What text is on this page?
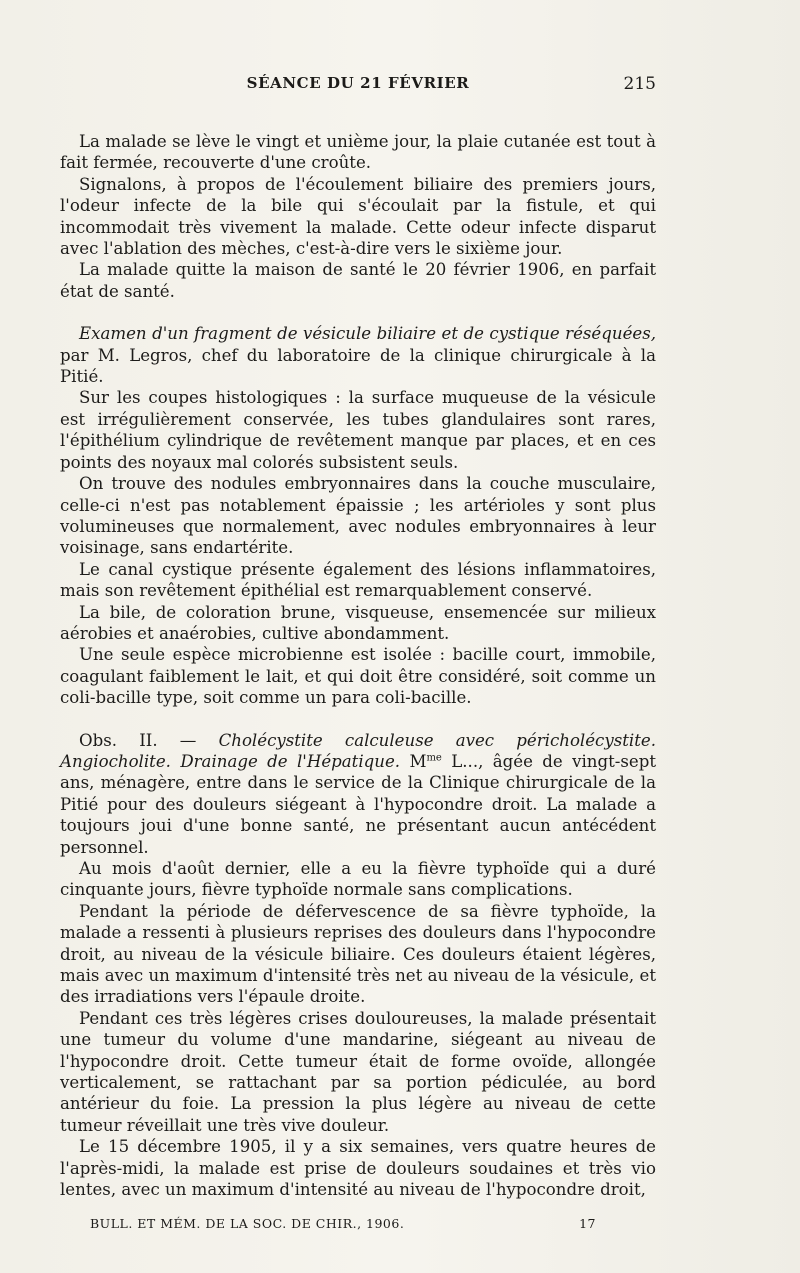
SÉANCE DU 21 FÉVRIER	215

La malade se lève le vingt et unième jour, la plaie cutanée est tout à fait fermée, recouverte d'une croûte.

Signalons, à propos de l'écoulement biliaire des premiers jours, l'odeur infecte de la bile qui s'écoulait par la fistule, et qui incommodait très vivement la malade. Cette odeur infecte disparut avec l'ablation des mèches, c'est-à-dire vers le sixième jour.

La malade quitte la maison de santé le 20 février 1906, en parfait état de santé.

Examen d'un fragment de vésicule biliaire et de cystique réséquées, par M. Legros, chef du laboratoire de la clinique chirurgicale à la Pitié.

Sur les coupes histologiques : la surface muqueuse de la vésicule est irrégulièrement conservée, les tubes glandulaires sont rares, l'épithélium cylindrique de revêtement manque par places, et en ces points des noyaux mal colorés subsistent seuls.

On trouve des nodules embryonnaires dans la couche musculaire, celle-ci n'est pas notablement épaissie ; les artérioles y sont plus volumineuses que normalement, avec nodules embryonnaires à leur voisinage, sans endartérite.

Le canal cystique présente également des lésions inflammatoires, mais son revêtement épithélial est remarquablement conservé.

La bile, de coloration brune, visqueuse, ensemencée sur milieux aérobies et anaérobies, cultive abondamment.

Une seule espèce microbienne est isolée : bacille court, immobile, coagulant faiblement le lait, et qui doit être considéré, soit comme un coli-bacille type, soit comme un para coli-bacille.

Obs. II. — Cholécystite calculeuse avec péricholécystite. Angiocholite. Drainage de l'Hépatique. $M^{me}$ L..., âgée de vingt-sept ans, ménagère, entre dans le service de la Clinique chirurgicale de la Pitié pour des douleurs siégeant à l'hypocondre droit. La malade a toujours joui d'une bonne santé, ne présentant aucun antécédent personnel.

Au mois d'août dernier, elle a eu la fièvre typhoïde qui a duré cinquante jours, fièvre typhoïde normale sans complications.

Pendant la période de défervescence de sa fièvre typhoïde, la malade a ressenti à plusieurs reprises des douleurs dans l'hypocondre droit, au niveau de la vésicule biliaire. Ces douleurs étaient légères, mais avec un maximum d'intensité très net au niveau de la vésicule, et des irradiations vers l'épaule droite.

Pendant ces très légères crises douloureuses, la malade présentait une tumeur du volume d'une mandarine, siégeant au niveau de l'hypocondre droit. Cette tumeur était de forme ovoïde, allongée verticalement, se rattachant par sa portion pédiculée, au bord antérieur du foie. La pression la plus légère au niveau de cette tumeur réveillait une très vive douleur.

Le 15 décembre 1905, il y a six semaines, vers quatre heures de l'après-midi, la malade est prise de douleurs soudaines et très vio lentes, avec un maximum d'intensité au niveau de l'hypocondre droit,

BULL. ET MÉM. DE LA SOC. DE CHIR., 1906.	17
